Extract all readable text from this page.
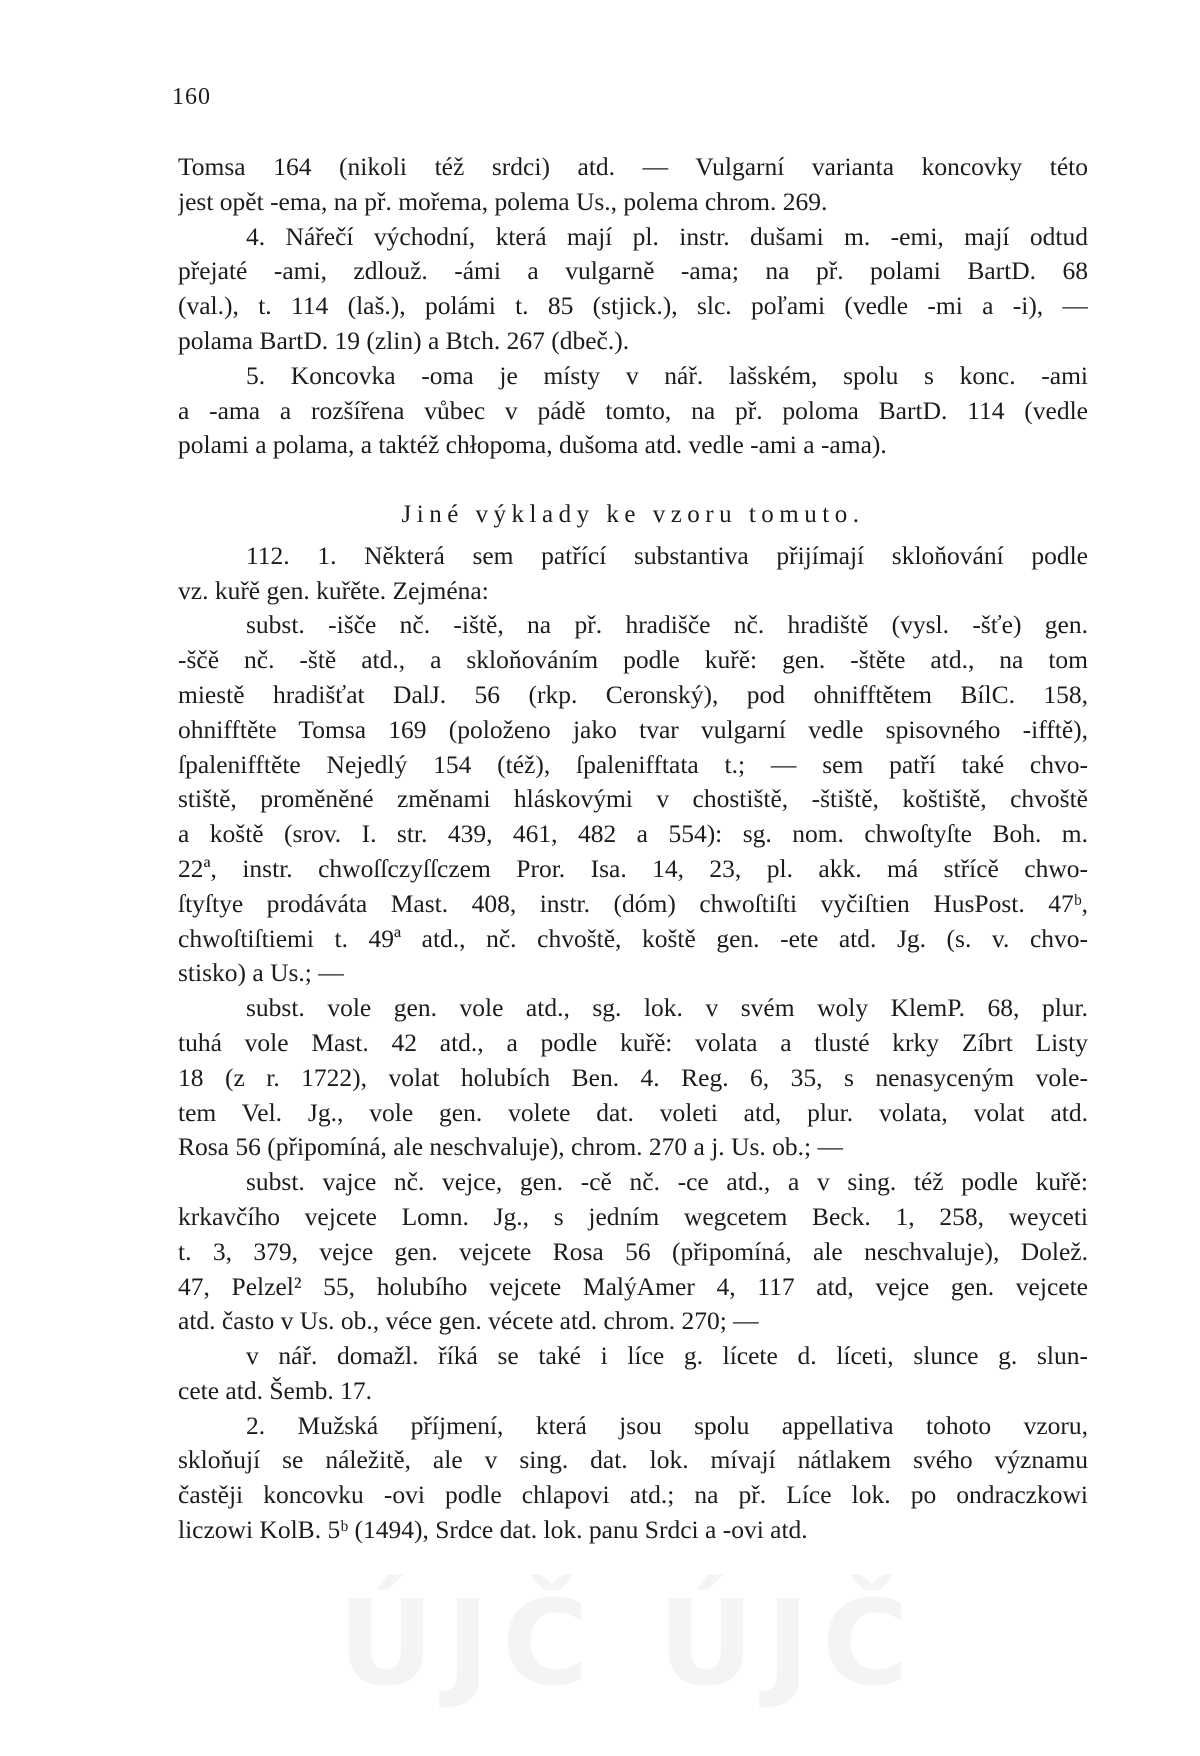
160
Tomsa 164 (nikoli též srdci) atd. — Vulgarní varianta koncovky této
jest opět -ema, na př. mořema, polema Us., polema chrom. 269.
4. Nářečí východní, která mají pl. instr. dušami m. -emi, mají odtud
přejaté -ami, zdlouž. -ámi a vulgarně -ama; na př. polami BartD. 68
(val.), t. 114 (laš.), polámi t. 85 (stjick.), slc. poľami (vedle -mi a -i), —
polama BartD. 19 (zlin) a Btch. 267 (dbeč.).
5. Koncovka -oma je místy v nář. lašském, spolu s konc. -ami
a -ama a rozšířena vůbec v pádě tomto, na př. poloma BartD. 114 (vedle
polami a polama, a taktéž chłopoma, dušoma atd. vedle -ami a -ama).
Jiné výklady ke vzoru tomuto.
112. 1. Některá sem patřící substantiva přijímají skloňování podle
vz. kuřě gen. kuřěte. Zejména:
subst. -išče nč. -iště, na př. hradišče nč. hradiště (vysl. -šťe) gen.
-ščě nč. -ště atd., a skloňováním podle kuřě: gen. -štěte atd., na tom
miestě hradišťat DalJ. 56 (rkp. Ceronský), pod ohnifftětem BílC. 158,
ohnifftěte Tomsa 169 (položeno jako tvar vulgarní vedle spisovného -ifftě),
ſpalenifftěte Nejedlý 154 (též), ſpalenifftata t.; — sem patří také chvo-
stiště, proměněné změnami hláskovými v chostiště, -štiště, koštiště, chvoště
a koště (srov. I. str. 439, 461, 482 a 554): sg. nom. chwoſtyſte Boh. m.
22ª, instr. chwoſſczyſſczem Pror. Isa. 14, 23, pl. akk. má střícě chwo-
ſtyſtye prodáváta Mast. 408, instr. (dóm) chwoſtiſti vyčiſtien HusPost. 47ᵇ,
chwoſtiſtiemi t. 49ª atd., nč. chvoště, koště gen. -ete atd. Jg. (s. v. chvo-
stisko) a Us.; —
subst. vole gen. vole atd., sg. lok. v svém woly KlemP. 68, plur.
tuhá vole Mast. 42 atd., a podle kuřě: volata a tlusté krky Zíbrt Listy
18 (z r. 1722), volat holubích Ben. 4. Reg. 6, 35, s nenasyceným vole-
tem Vel. Jg., vole gen. volete dat. voleti atd, plur. volata, volat atd.
Rosa 56 (připomíná, ale neschvaluje), chrom. 270 a j. Us. ob.; —
subst. vajce nč. vejce, gen. -cě nč. -ce atd., a v sing. též podle kuřě:
krkavčího vejcete Lomn. Jg., s jedním wegcetem Beck. 1, 258, weyceti
t. 3, 379, vejce gen. vejcete Rosa 56 (připomíná, ale neschvaluje), Dolež.
47, Pelzel² 55, holubího vejcete MalýAmer 4, 117 atd, vejce gen. vejcete
atd. často v Us. ob., véce gen. vécete atd. chrom. 270; —
v nář. domažl. říká se také i líce g. lícete d. líceti, slunce g. slun-
cete atd. Šemb. 17.
2. Mužská příjmení, která jsou spolu appellativa tohoto vzoru,
skloňují se náležitě, ale v sing. dat. lok. mívají nátlakem svého významu
častěji koncovku -ovi podle chlapovi atd.; na př. Líce lok. po ondraczkowi
liczowi KolB. 5ᵇ (1494), Srdce dat. lok. panu Srdci a -ovi atd.
ÚJČ ÚJČ
